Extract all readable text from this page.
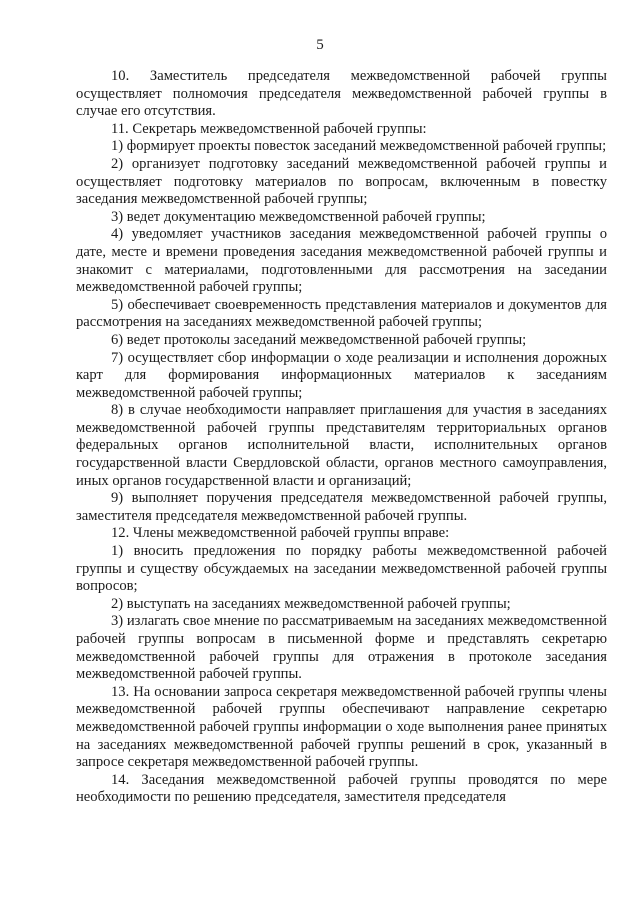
5

10. Заместитель председателя межведомственной рабочей группы осуществляет полномочия председателя межведомственной рабочей группы в случае его отсутствия.

11. Секретарь межведомственной рабочей группы:

1) формирует проекты повесток заседаний межведомственной рабочей группы;

2) организует подготовку заседаний межведомственной рабочей группы и осуществляет подготовку материалов по вопросам, включенным в повестку заседания межведомственной рабочей группы;

3) ведет документацию межведомственной рабочей группы;

4) уведомляет участников заседания межведомственной рабочей группы о дате, месте и времени проведения заседания межведомственной рабочей группы и знакомит с материалами, подготовленными для рассмотрения на заседании межведомственной рабочей группы;

5) обеспечивает своевременность представления материалов и документов для рассмотрения на заседаниях межведомственной рабочей группы;

6) ведет протоколы заседаний межведомственной рабочей группы;

7) осуществляет сбор информации о ходе реализации и исполнения дорожных карт для формирования информационных материалов к заседаниям межведомственной рабочей группы;

8) в случае необходимости направляет приглашения для участия в заседаниях межведомственной рабочей группы представителям территориальных органов федеральных органов исполнительной власти, исполнительных органов государственной власти Свердловской области, органов местного самоуправления, иных органов государственной власти и организаций;

9) выполняет поручения председателя межведомственной рабочей группы, заместителя председателя межведомственной рабочей группы.

12. Члены межведомственной рабочей группы вправе:

1) вносить предложения по порядку работы межведомственной рабочей группы и существу обсуждаемых на заседании межведомственной рабочей группы вопросов;

2) выступать на заседаниях межведомственной рабочей группы;

3) излагать свое мнение по рассматриваемым на заседаниях межведомственной рабочей группы вопросам в письменной форме и представлять секретарю межведомственной рабочей группы для отражения в протоколе заседания межведомственной рабочей группы.

13. На основании запроса секретаря межведомственной рабочей группы члены межведомственной рабочей группы обеспечивают направление секретарю межведомственной рабочей группы информации о ходе выполнения ранее принятых на заседаниях межведомственной рабочей группы решений в срок, указанный в запросе секретаря межведомственной рабочей группы.

14. Заседания межведомственной рабочей группы проводятся по мере необходимости по решению председателя, заместителя председателя
